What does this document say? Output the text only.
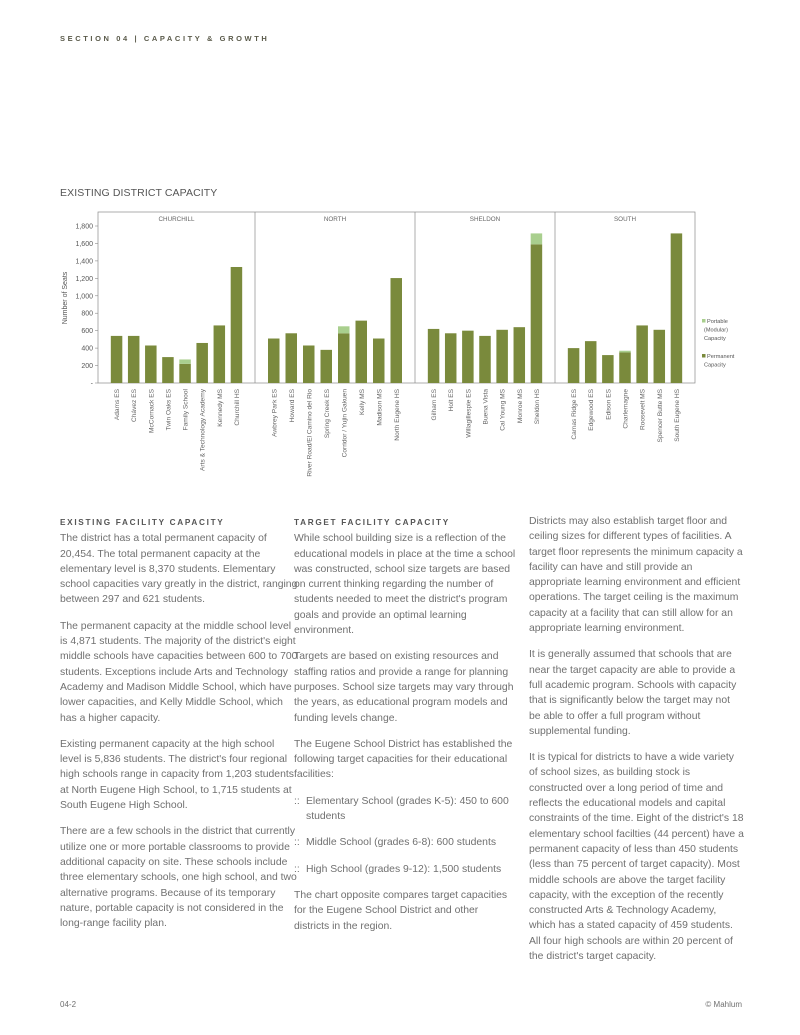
SECTION 04 | CAPACITY & GROWTH
EXISTING DISTRICT CAPACITY
-
200
400
600
800
1,000
1,200
1,400
1,600
1,800
Number of Seats
CHURCHILL	NORTH	SHELDON	SOUTH
Adams ES Chávez ES McCornack ES Twin Oaks ES Family School Arts & Technology Academy Kennedy MS Churchill HS	Awbrey Park ES Howard ES River Road/El Camino del Rio Spring Creek ES Corridor / Yujin Gakuen Kelly MS Madison MS North Eugene HS	Gilham ES Holt ES Willagillespie ES Buena Vista Cal Young MS Monroe MS Sheldon HS	Camas Ridge ES Edgewood ES Edison ES Charlemagne Roosevelt MS Spencer Butte MS South Eugene HS
Portable
(Modular)
Capacity
Permanent
Capacity
EXISTING FACILITY CAPACITY

The district has a total permanent capacity of 20,454. The total permanent capacity at the elementary level is 8,370 students. Elementary school capacities vary greatly in the district, ranging between 297 and 621 students.

The permanent capacity at the middle school level is 4,871 students. The majority of the district's eight middle schools have capacities between 600 to 700 students. Exceptions include Arts and Technology Academy and Madison Middle School, which have lower capacities, and Kelly Middle School, which has a higher capacity.

Existing permanent capacity at the high school level is 5,836 students. The district's four regional high schools range in capacity from 1,203 students at North Eugene High School, to 1,715 students at South Eugene High School.

There are a few schools in the district that currently utilize one or more portable classrooms to provide additional capacity on site. These schools include three elementary schools, one high school, and two alternative programs. Because of its temporary nature, portable capacity is not considered in the long-range facility plan.

TARGET FACILITY CAPACITY

While school building size is a reflection of the educational models in place at the time a school was constructed, school size targets are based on current thinking regarding the number of students needed to meet the district's program goals and provide an optimal learning environment.

Targets are based on existing resources and staffing ratios and provide a range for planning purposes. School size targets may vary through the years, as educational program models and funding levels change.

The Eugene School District has established the following target capacities for their educational facilities:

:: Elementary School (grades K-5): 450 to 600 students
:: Middle School (grades 6-8): 600 students
:: High School (grades 9-12): 1,500 students

The chart opposite compares target capacities for the Eugene School District and other districts in the region.

Districts may also establish target floor and ceiling sizes for different types of facilities. A target floor represents the minimum capacity a facility can have and still provide an appropriate learning environment and efficient operations. The target ceiling is the maximum capacity at a facility that can still allow for an appropriate learning environment.

It is generally assumed that schools that are near the target capacity are able to provide a full academic program. Schools with capacity that is significantly below the target may not be able to offer a full program without supplemental funding.

It is typical for districts to have a wide variety of school sizes, as building stock is constructed over a long period of time and reflects the educational models and capital constraints of the time. Eight of the district's 18 elementary school facilties (44 percent) have a permanent capacity of less than 450 students (less than 75 percent of target capacity). Most middle schools are above the target facility capacity, with the exception of the recently constructed Arts & Technology Academy, which has a stated capacity of 459 students. All four high schools are within 20 percent of the district's target capacity.

04-2	© Mahlum
